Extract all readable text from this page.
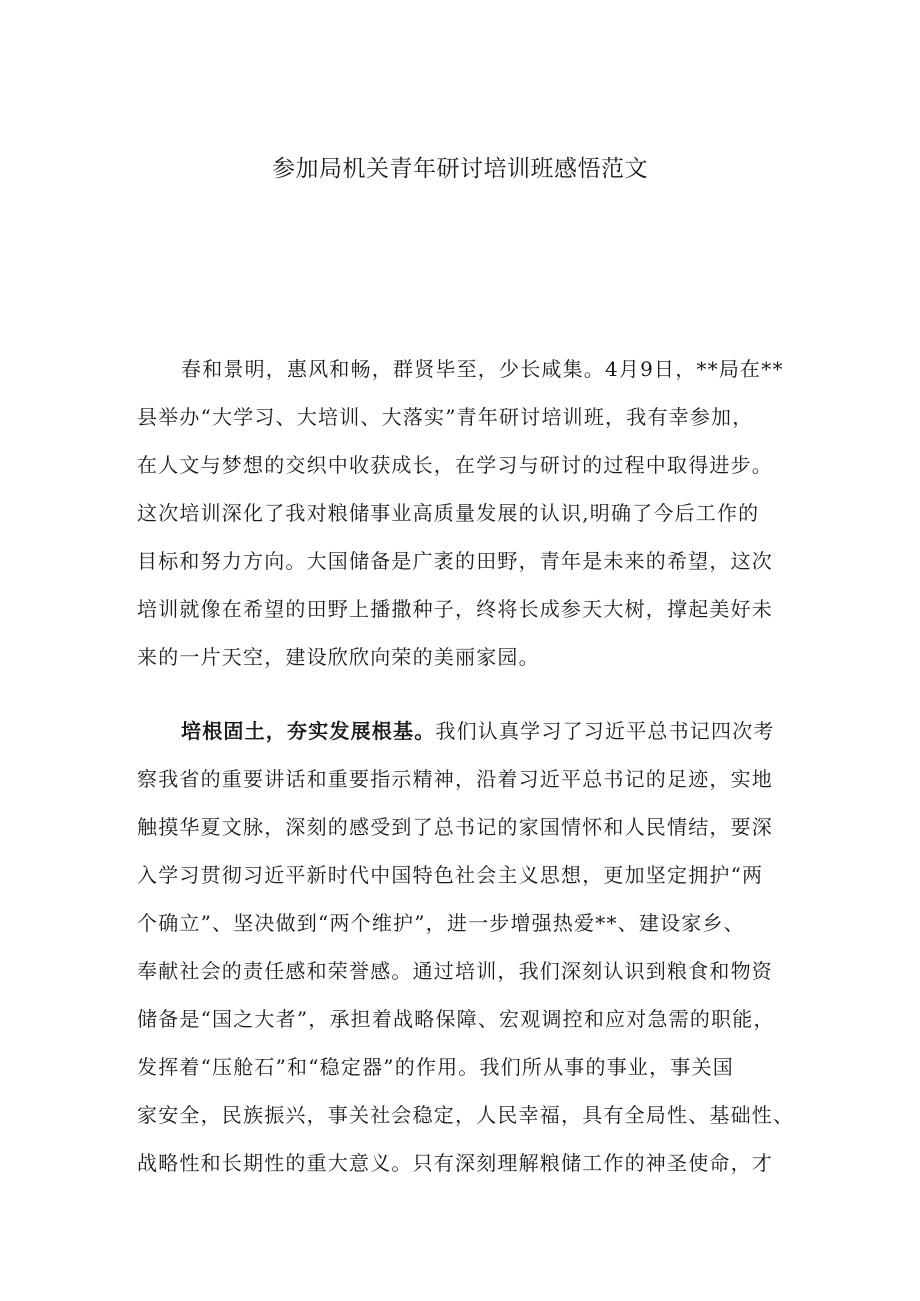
参加局机关青年研讨培训班感悟范文
春和景明，惠风和畅，群贤毕至，少长咸集。4月9日，**局在**
县举办“大学习、大培训、大落实”青年研讨培训班，我有幸参加，
在人文与梦想的交织中收获成长，在学习与研讨的过程中取得进步。
这次培训深化了我对粮储事业高质量发展的认识,明确了今后工作的
目标和努力方向。大国储备是广袤的田野，青年是未来的希望，这次
培训就像在希望的田野上播撒种子，终将长成参天大树，撑起美好未
来的一片天空，建设欣欣向荣的美丽家园。
培根固土，夯实发展根基。我们认真学习了习近平总书记四次考
察我省的重要讲话和重要指示精神，沿着习近平总书记的足迹，实地
触摸华夏文脉，深刻的感受到了总书记的家国情怀和人民情结，要深
入学习贯彻习近平新时代中国特色社会主义思想，更加坚定拥护“两
个确立”、坚决做到“两个维护”，进一步增强热爱**、建设家乡、
奉献社会的责任感和荣誉感。通过培训，我们深刻认识到粮食和物资
储备是“国之大者”，承担着战略保障、宏观调控和应对急需的职能，
发挥着“压舱石”和“稳定器”的作用。我们所从事的事业，事关国
家安全，民族振兴，事关社会稳定，人民幸福，具有全局性、基础性、
战略性和长期性的重大意义。只有深刻理解粮储工作的神圣使命，才
